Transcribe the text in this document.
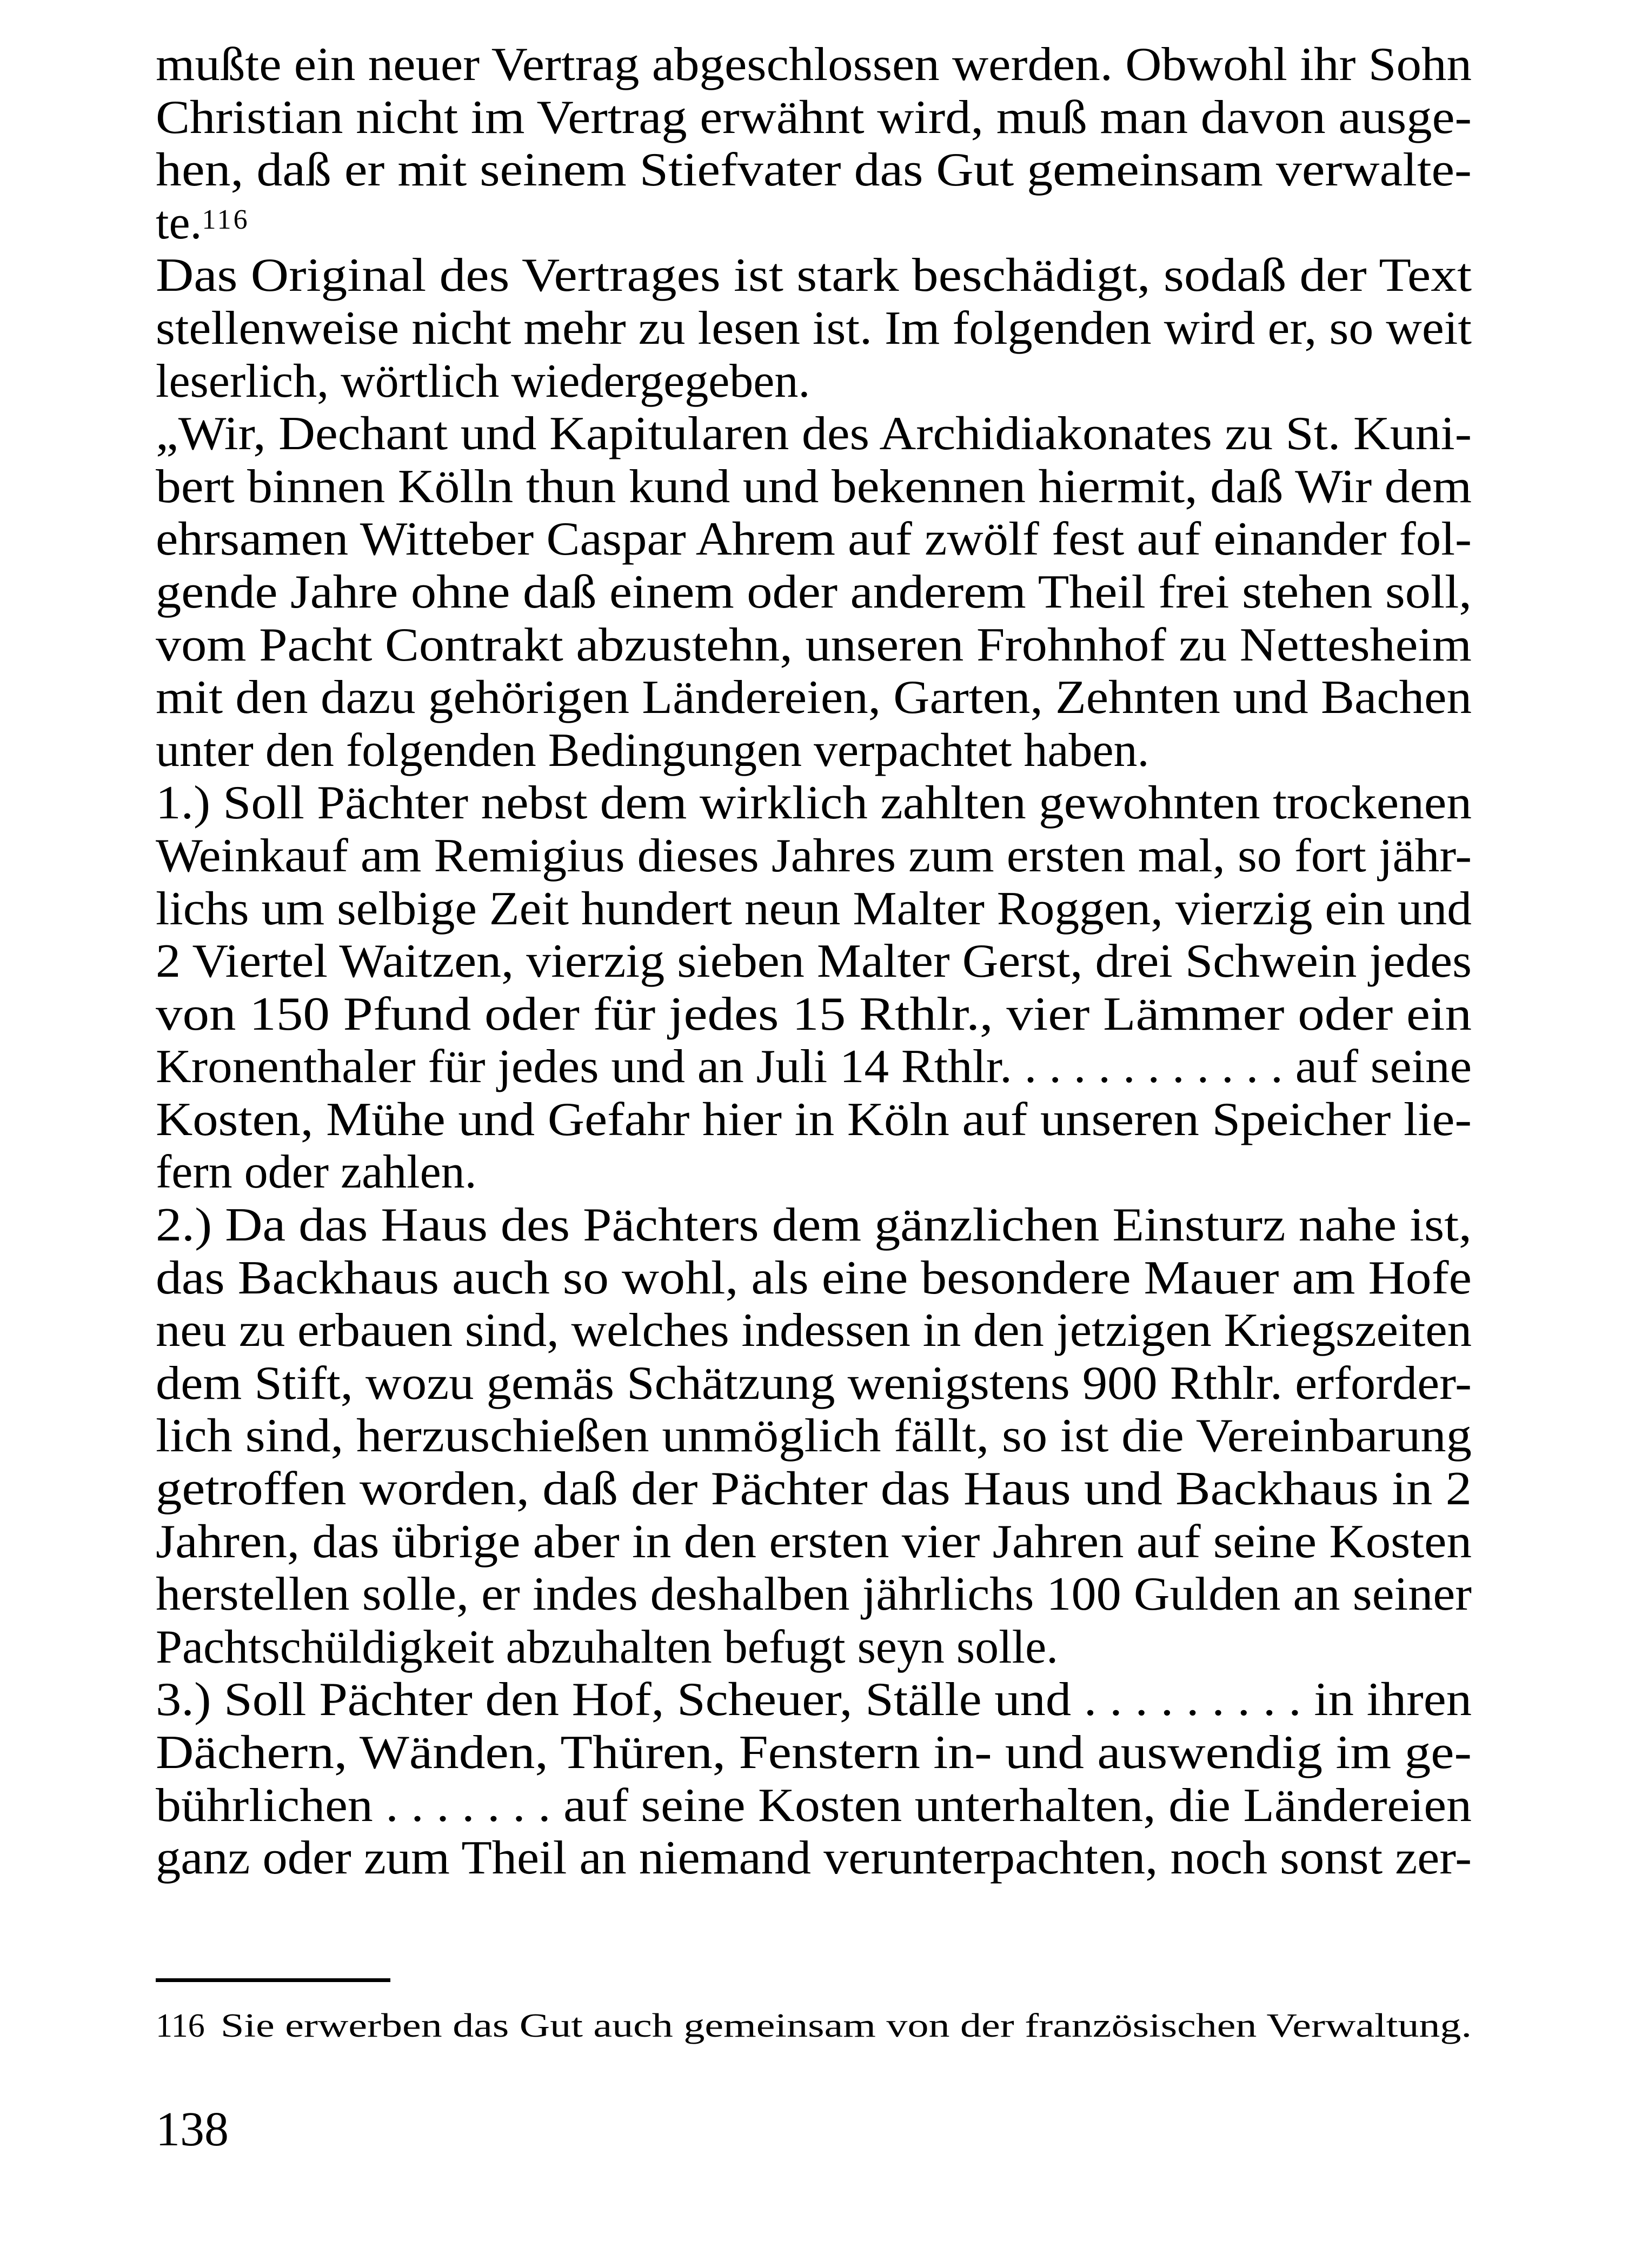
mußte ein neuer Vertrag abgeschlossen werden. Obwohl ihr Sohn
Christian nicht im Vertrag erwähnt wird, muß man davon ausge-
hen, daß er mit seinem Stiefvater das Gut gemeinsam verwalte-
te.$^{116}$
Das Original des Vertrages ist stark beschädigt, sodaß der Text
stellenweise nicht mehr zu lesen ist. Im folgenden wird er, so weit
leserlich, wörtlich wiedergegeben.
„Wir, Dechant und Kapitularen des Archidiakonates zu St. Kuni-
bert binnen Kölln thun kund und bekennen hiermit, daß Wir dem
ehrsamen Witteber Caspar Ahrem auf zwölf fest auf einander fol-
gende Jahre ohne daß einem oder anderem Theil frei stehen soll,
vom Pacht Contrakt abzustehn, unseren Frohnhof zu Nettesheim
mit den dazu gehörigen Ländereien, Garten, Zehnten und Bachen
unter den folgenden Bedingungen verpachtet haben.
1.) Soll Pächter nebst dem wirklich zahlten gewohnten trockenen
Weinkauf am Remigius dieses Jahres zum ersten mal, so fort jähr-
lichs um selbige Zeit hundert neun Malter Roggen, vierzig ein und
2 Viertel Waitzen, vierzig sieben Malter Gerst, drei Schwein jedes
von 150 Pfund oder für jedes 15 Rthlr., vier Lämmer oder ein
Kronenthaler für jedes und an Juli 14 Rthlr. . . . . . . . . . . . auf seine
Kosten, Mühe und Gefahr hier in Köln auf unseren Speicher lie-
fern oder zahlen.
2.) Da das Haus des Pächters dem gänzlichen Einsturz nahe ist,
das Backhaus auch so wohl, als eine besondere Mauer am Hofe
neu zu erbauen sind, welches indessen in den jetzigen Kriegszeiten
dem Stift, wozu gemäs Schätzung wenigstens 900 Rthlr. erforder-
lich sind, herzuschießen unmöglich fällt, so ist die Vereinbarung
getroffen worden, daß der Pächter das Haus und Backhaus in 2
Jahren, das übrige aber in den ersten vier Jahren auf seine Kosten
herstellen solle, er indes deshalben jährlichs 100 Gulden an seiner
Pachtschüldigkeit abzuhalten befugt seyn solle.
3.) Soll Pächter den Hof, Scheuer, Ställe und . . . . . . . . . in ihren
Dächern, Wänden, Thüren, Fenstern in- und auswendig im ge-
bührlichen . . . . . . . auf seine Kosten unterhalten, die Ländereien
ganz oder zum Theil an niemand verunterpachten, noch sonst zer-
116 Sie erwerben das Gut auch gemeinsam von der französischen Verwaltung.
138
